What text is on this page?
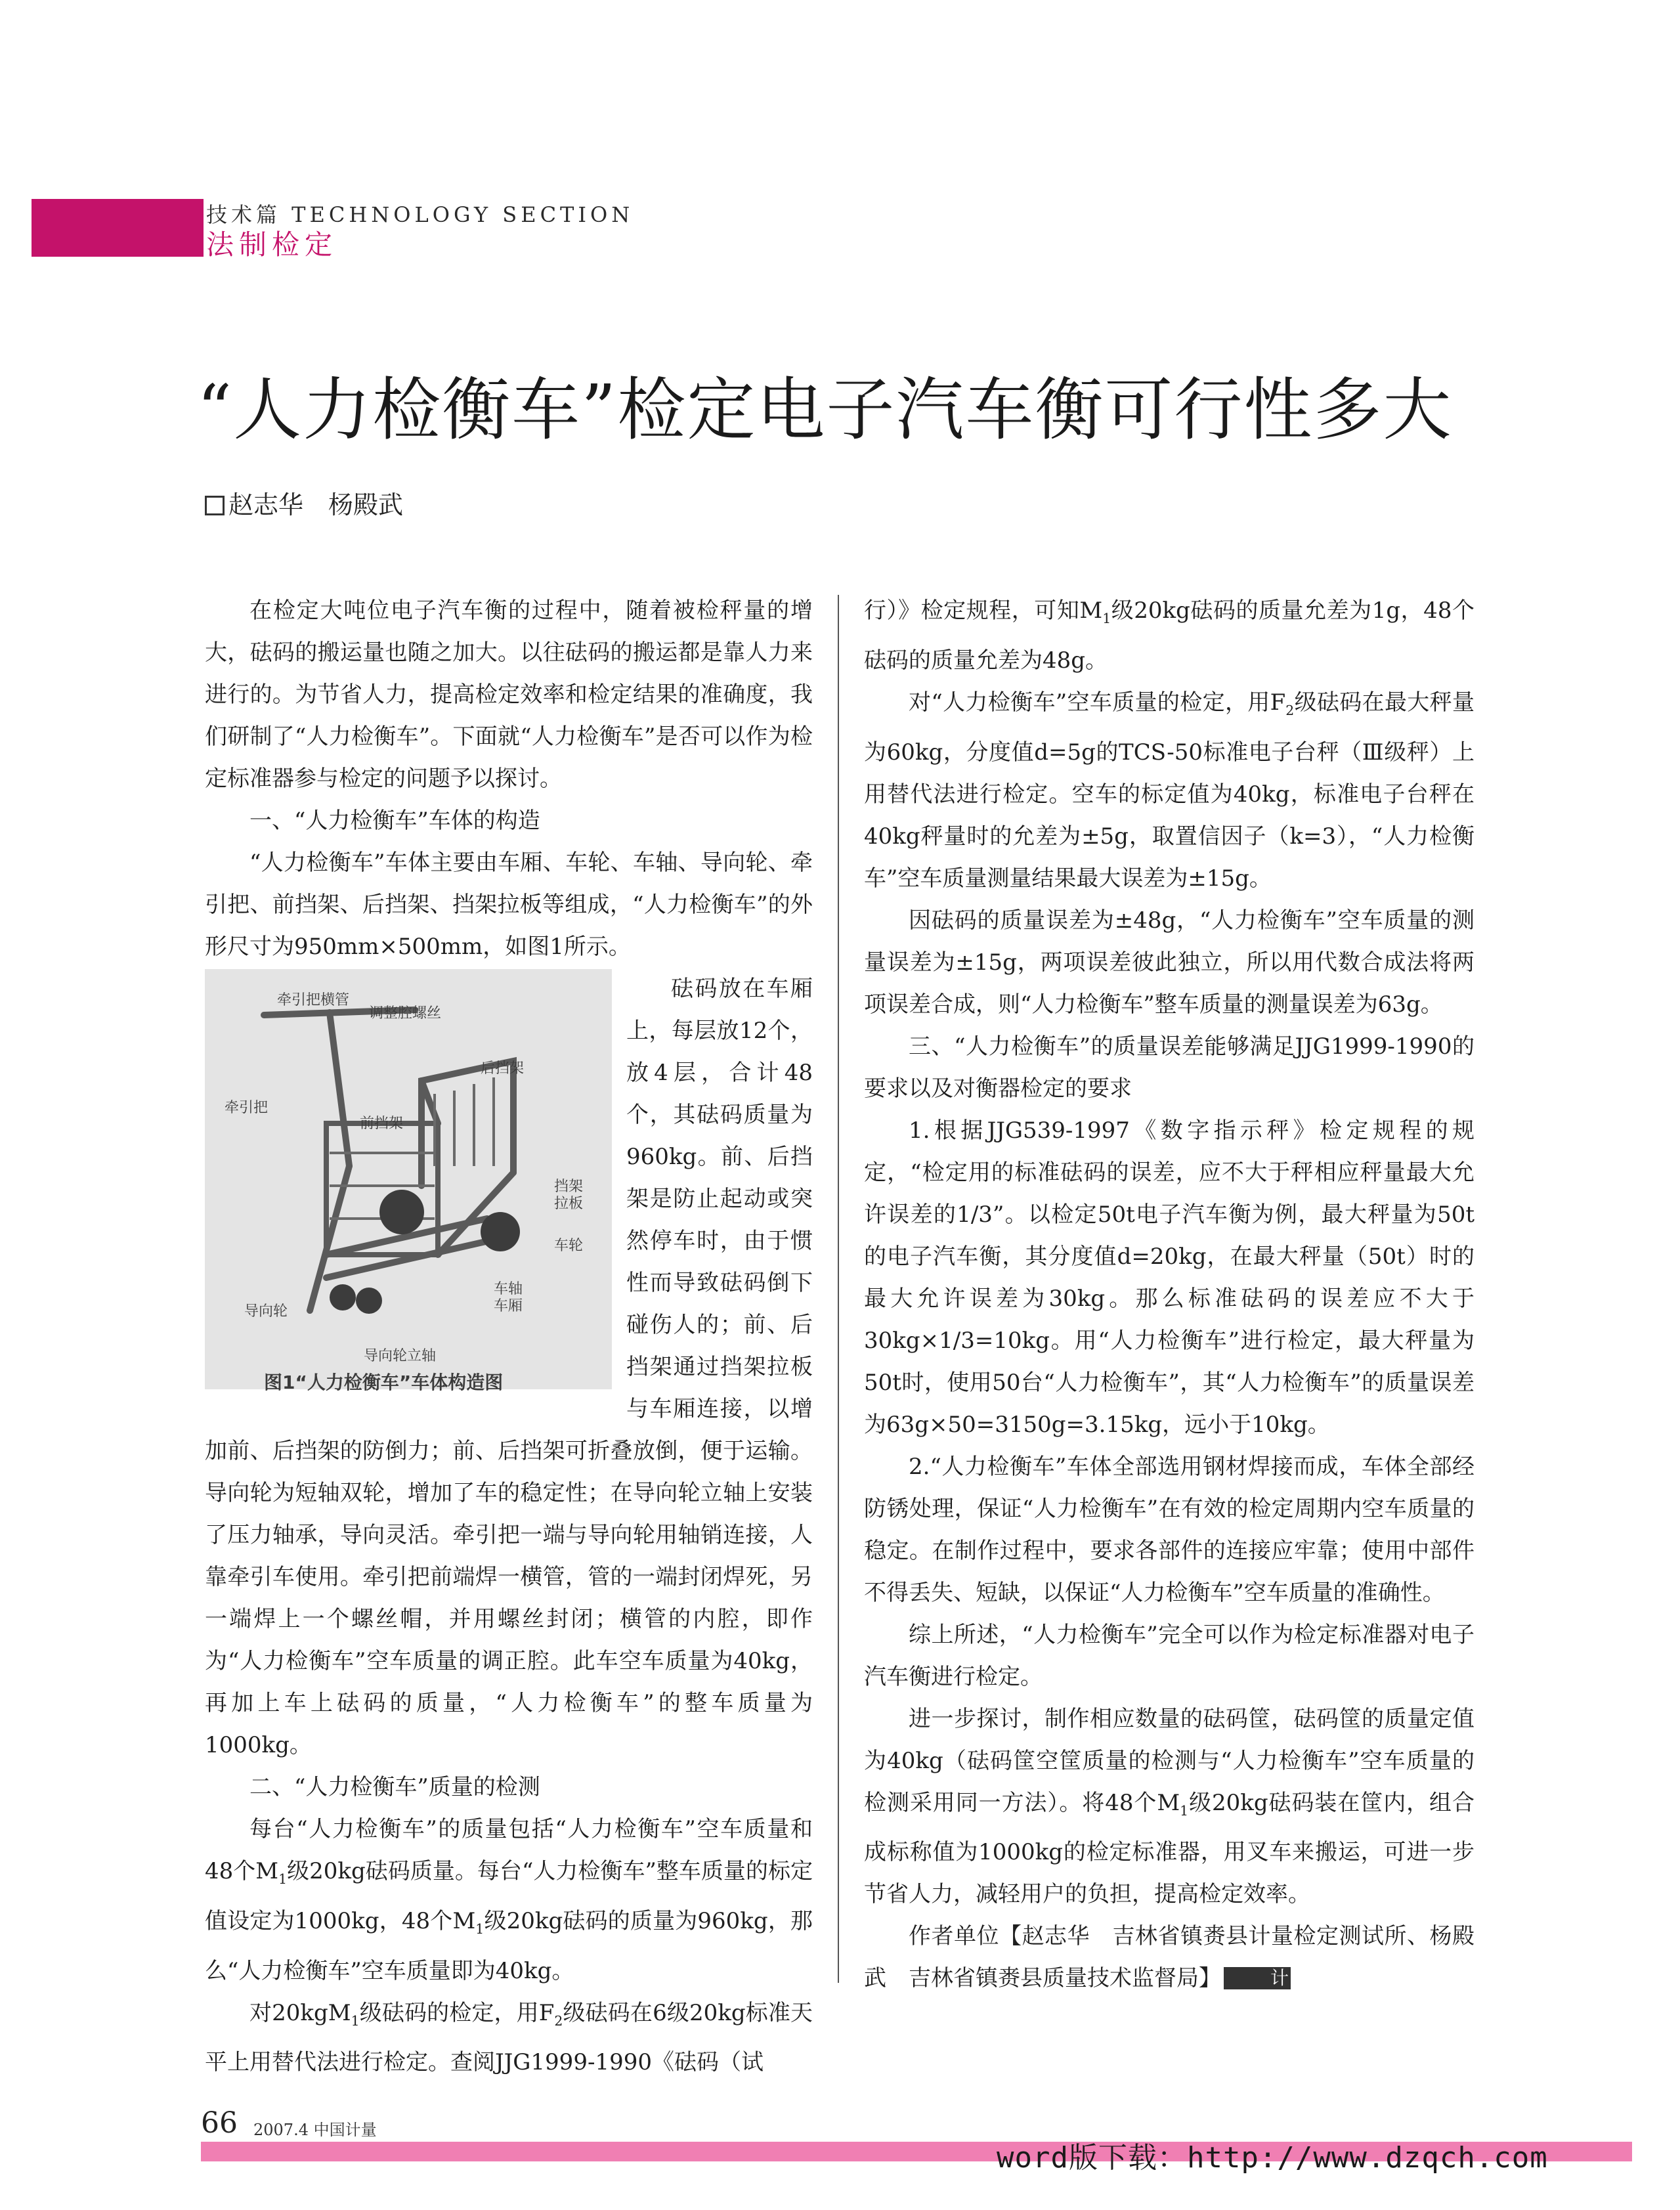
技术篇 TECHNOLOGY SECTION
法制检定
“人力检衡车”检定电子汽车衡可行性多大
赵志华　杨殿武

在检定大吨位电子汽车衡的过程中，随着被检秤量的增大，砝码的搬运量也随之加大。以往砝码的搬运都是靠人力来进行的。为节省人力，提高检定效率和检定结果的准确度，我们研制了“人力检衡车”。下面就“人力检衡车”是否可以作为检定标准器参与检定的问题予以探讨。

一、“人力检衡车”车体的构造

“人力检衡车”车体主要由车厢、车轮、车轴、导向轮、牵引把、前挡架、后挡架、挡架拉板等组成，“人力检衡车”的外形尺寸为950mm×500mm，如图1所示。

牵引把横管
调整腔螺丝
后挡架
牵引把
前挡架
挡架
拉板
车轮
车轴
车厢
导向轮
导向轮立轴
图1“人力检衡车”车体构造图

砝码放在车厢上，每层放12个，放4层，合计48个，其砝码质量为960kg。前、后挡架是防止起动或突然停车时，由于惯性而导致砝码倒下碰伤人的；前、后挡架通过挡架拉板与车厢连接，以增加前、后挡架的防倒力；前、后挡架可折叠放倒，便于运输。导向轮为短轴双轮，增加了车的稳定性；在导向轮立轴上安装了压力轴承，导向灵活。牵引把一端与导向轮用轴销连接，人靠牵引车使用。牵引把前端焊一横管，管的一端封闭焊死，另一端焊上一个螺丝帽，并用螺丝封闭；横管的内腔，即作为“人力检衡车”空车质量的调正腔。此车空车质量为40kg，再加上车上砝码的质量，“人力检衡车”的整车质量为1000kg。

二、“人力检衡车”质量的检测

每台“人力检衡车”的质量包括“人力检衡车”空车质量和48个$M_1$级20kg砝码质量。每台“人力检衡车”整车质量的标定值设定为1000kg，48个$M_1$级20kg砝码的质量为960kg，那么“人力检衡车”空车质量即为40kg。

对20kgM$_1$级砝码的检定，用$F_2$级砝码在6级20kg标准天平上用替代法进行检定。查阅JJG1999-1990《砝码（试

行）》检定规程，可知$M_1$级20kg砝码的质量允差为1g，48个砝码的质量允差为48g。

对“人力检衡车”空车质量的检定，用$F_2$级砝码在最大秤量为60kg，分度值d=5g的TCS-50标准电子台秤（Ⅲ级秤）上用替代法进行检定。空车的标定值为40kg，标准电子台秤在40kg秤量时的允差为±5g，取置信因子（k=3），“人力检衡车”空车质量测量结果最大误差为±15g。

因砝码的质量误差为±48g，“人力检衡车”空车质量的测量误差为±15g，两项误差彼此独立，所以用代数合成法将两项误差合成，则“人力检衡车”整车质量的测量误差为63g。

三、“人力检衡车”的质量误差能够满足JJG1999-1990的要求以及对衡器检定的要求

1.根据JJG539-1997《数字指示秤》检定规程的规定，“检定用的标准砝码的误差，应不大于秤相应秤量最大允许误差的1/3”。以检定50t电子汽车衡为例，最大秤量为50t的电子汽车衡，其分度值d=20kg，在最大秤量（50t）时的最大允许误差为30kg。那么标准砝码的误差应不大于30kg×1/3=10kg。用“人力检衡车”进行检定，最大秤量为50t时，使用50台“人力检衡车”，其“人力检衡车”的质量误差为63g×50=3150g=3.15kg，远小于10kg。

2.“人力检衡车”车体全部选用钢材焊接而成，车体全部经防锈处理，保证“人力检衡车”在有效的检定周期内空车质量的稳定。在制作过程中，要求各部件的连接应牢靠；使用中部件不得丢失、短缺，以保证“人力检衡车”空车质量的准确性。

综上所述，“人力检衡车”完全可以作为检定标准器对电子汽车衡进行检定。

进一步探讨，制作相应数量的砝码筐，砝码筐的质量定值为40kg（砝码筐空筐质量的检测与“人力检衡车”空车质量的检测采用同一方法）。将48个$M_1$级20kg砝码装在筐内，组合成标称值为1000kg的检定标准器，用叉车来搬运，可进一步节省人力，减轻用户的负担，提高检定效率。

作者单位【赵志华　吉林省镇赉县计量检定测试所、杨殿武　吉林省镇赉县质量技术监督局】	计

66 2007.4 中国计量
word版下载：http://www.dzqch.com
